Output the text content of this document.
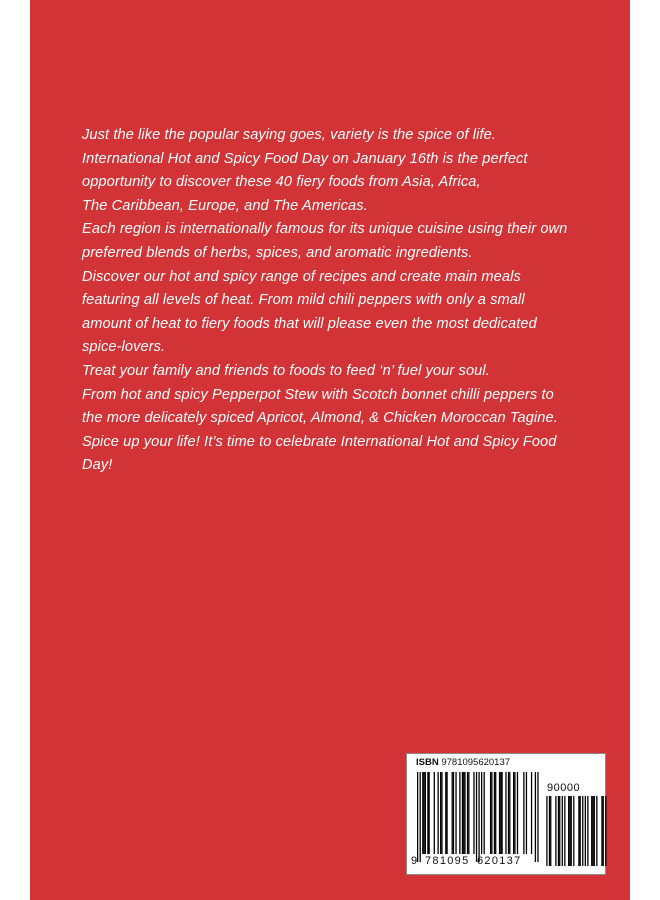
Just the like the popular saying goes, variety is the spice of life.

International Hot and Spicy Food Day on January 16th is the perfect opportunity to discover these 40 fiery foods from Asia, Africa,

The Caribbean, Europe, and The Americas.

Each region is internationally famous for its unique cuisine using their own preferred blends of herbs, spices, and aromatic ingredients.

Discover our hot and spicy range of recipes and create main meals featuring all levels of heat. From mild chili peppers with only a small amount of heat to fiery foods that will please even the most dedicated spice-lovers.

Treat your family and friends to foods to feed ‘n’ fuel your soul.

From hot and spicy Pepperpot Stew with Scotch bonnet chilli peppers to the more delicately spiced Apricot, Almond, & Chicken Moroccan Tagine.

Spice up your life! It’s time to celebrate International Hot and Spicy Food Day!

ISBN 9781095620137
90000
9 781095 620137
